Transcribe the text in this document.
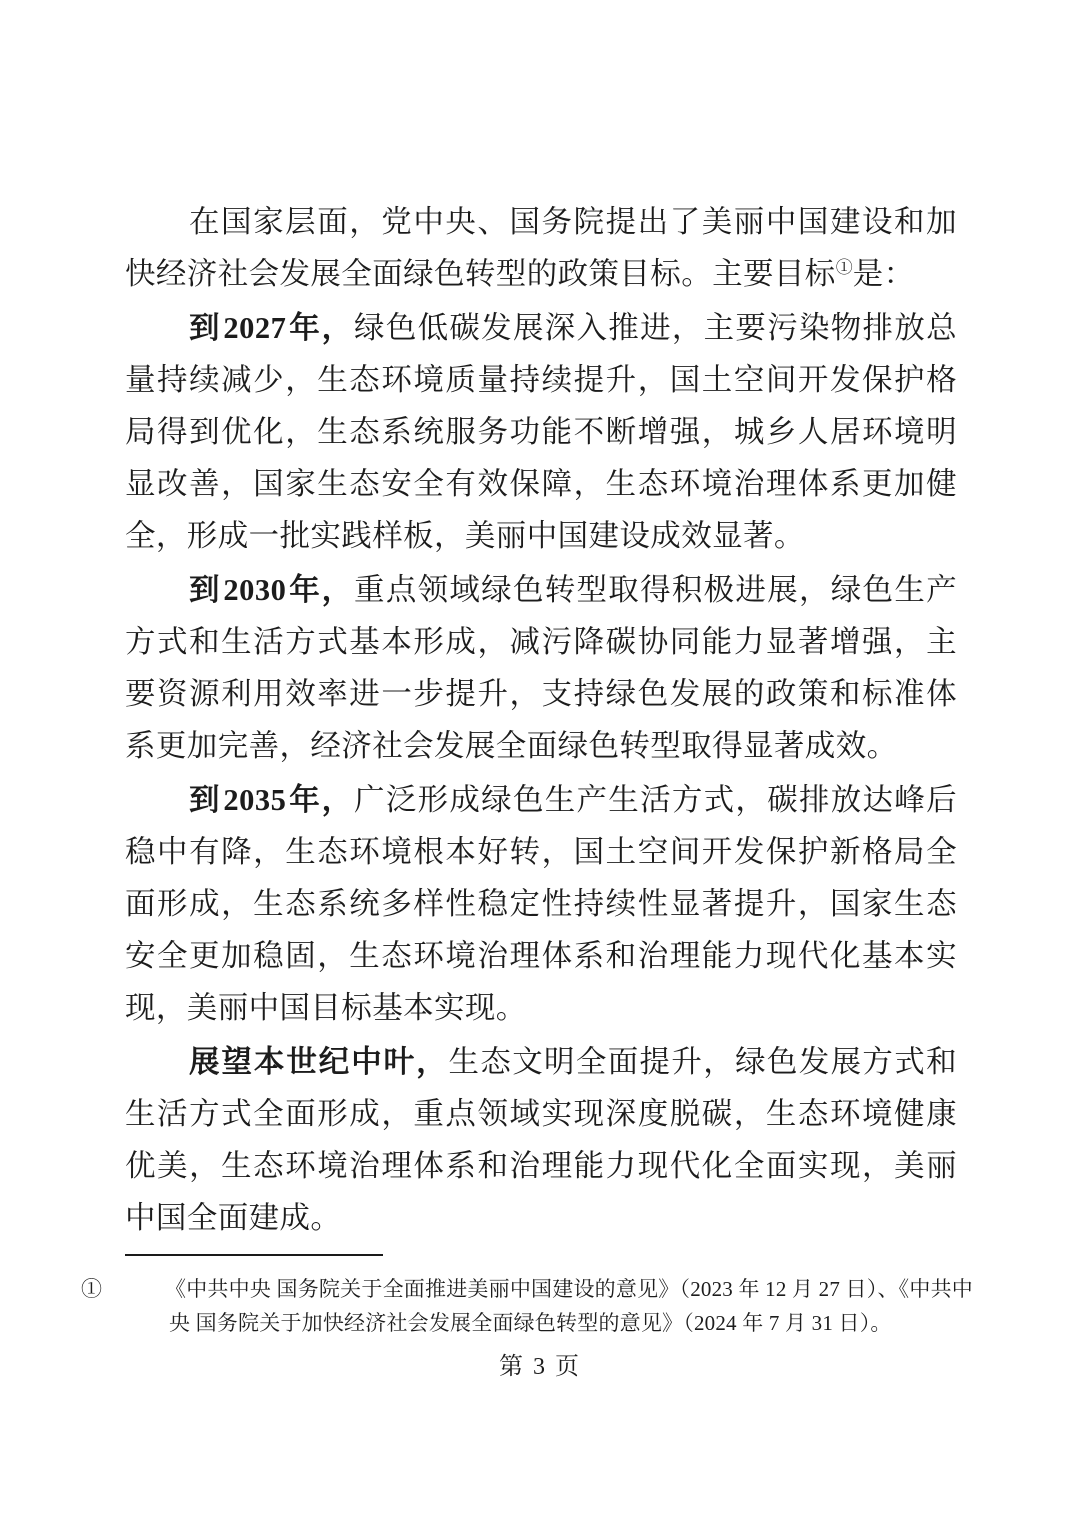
在国家层面，党中央、国务院提出了美丽中国建设和加快经济社会发展全面绿色转型的政策目标。主要目标①是：

到2027年，绿色低碳发展深入推进，主要污染物排放总量持续减少，生态环境质量持续提升，国土空间开发保护格局得到优化，生态系统服务功能不断增强，城乡人居环境明显改善，国家生态安全有效保障，生态环境治理体系更加健全，形成一批实践样板，美丽中国建设成效显著。

到2030年，重点领域绿色转型取得积极进展，绿色生产方式和生活方式基本形成，减污降碳协同能力显著增强，主要资源利用效率进一步提升，支持绿色发展的政策和标准体系更加完善，经济社会发展全面绿色转型取得显著成效。

到2035年，广泛形成绿色生产生活方式，碳排放达峰后稳中有降，生态环境根本好转，国土空间开发保护新格局全面形成，生态系统多样性稳定性持续性显著提升，国家生态安全更加稳固，生态环境治理体系和治理能力现代化基本实现，美丽中国目标基本实现。

展望本世纪中叶，生态文明全面提升，绿色发展方式和生活方式全面形成，重点领域实现深度脱碳，生态环境健康优美，生态环境治理体系和治理能力现代化全面实现，美丽中国全面建成。

①	《中共中央 国务院关于全面推进美丽中国建设的意见》（2023 年 12 月 27 日）、《中共中央 国务院关于加快经济社会发展全面绿色转型的意见》（2024 年 7 月 31 日）。
第 3 页
